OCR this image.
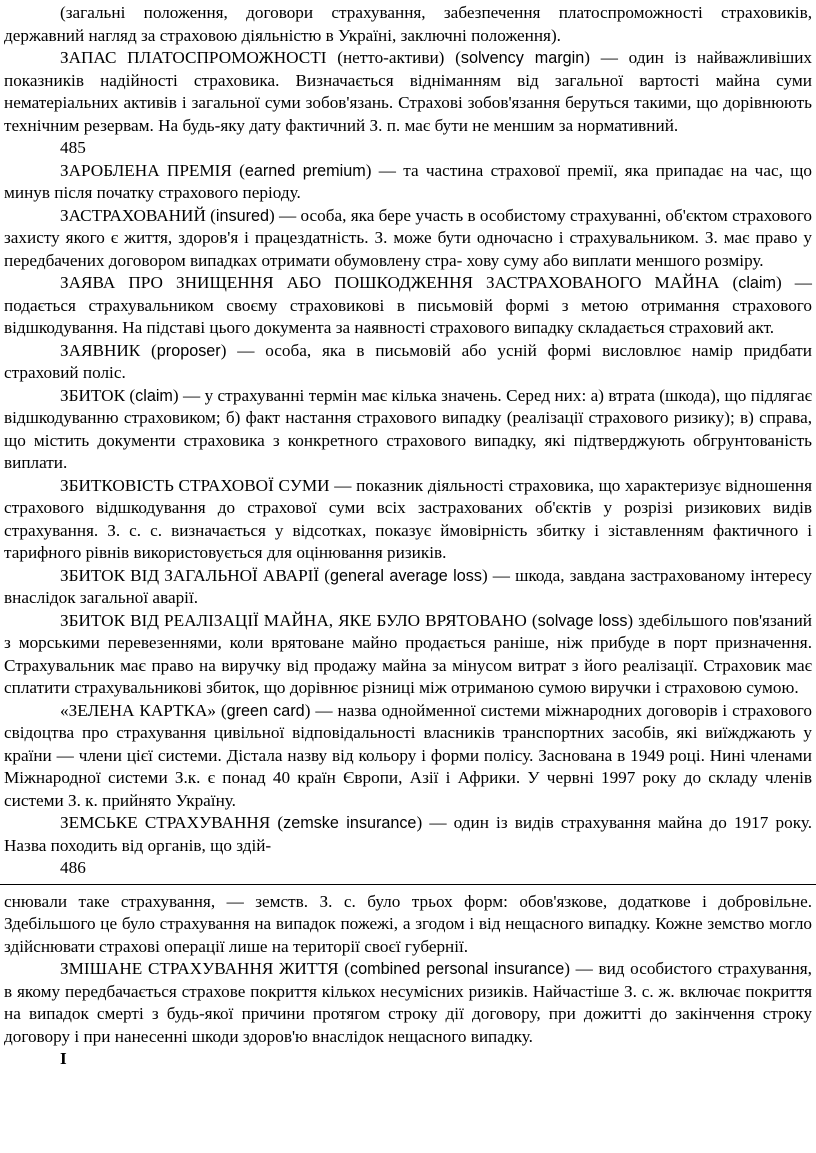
(загальні положення, договори страхування, забезпечення платоспроможності страховиків, державний нагляд за страховою діяльністю в Україні, заключні положення).

ЗАПАС ПЛАТОСПРОМОЖНОСТІ (нетто-активи) (solvency margin) — один із найважливіших показників надійності страховика. Визначається відніманням від загальної вартості майна суми нематеріальних активів і загальної суми зобов'язань. Страхові зобов'язання беруться такими, що дорівнюють технічним резервам. На будь-яку дату фактичний З. п. має бути не меншим за нормативний.

485

ЗАРОБЛЕНА ПРЕМІЯ (earned premium) — та частина страхової премії, яка припадає на час, що минув після початку страхового періоду.

ЗАСТРАХОВАНИЙ (insured) — особа, яка бере участь в особистому страхуванні, об'єктом страхового захисту якого є життя, здоров'я і працездатність. З. може бути одночасно і страхувальником. З. має право у передбачених договором випадках отримати обумовлену стра- хову суму або виплати меншого розміру.

ЗАЯВА ПРО ЗНИЩЕННЯ АБО ПОШКОДЖЕННЯ ЗАСТРАХОВАНОГО МАЙНА (claim) — подається страхувальником своєму страховикові в письмовій формі з метою отримання страхового відшкодування. На підставі цього документа за наявності страхового випадку складається страховий акт.

ЗАЯВНИК (proposer) — особа, яка в письмовій або усній формі висловлює намір придбати страховий поліс.

ЗБИТОК (claim) — у страхуванні термін має кілька значень. Серед них: а) втрата (шкода), що підлягає відшкодуванню страховиком; б) факт настання страхового випадку (реалізації страхового ризику); в) справа, що містить документи страховика з конкретного страхового випадку, які підтверджують обгрунтованість виплати.

ЗБИТКОВІСТЬ СТРАХОВОЇ СУМИ — показник діяльності страховика, що характеризує відношення страхового відшкодування до страхової суми всіх застрахованих об'єктів у розрізі ризикових видів страхування. З. с. с. визначається у відсотках, показує ймовірність збитку і зіставленням фактичного і тарифного рівнів використовується для оцінювання ризиків.

ЗБИТОК ВІД ЗАГАЛЬНОЇ АВАРІЇ (general average loss) — шкода, завдана застрахованому інтересу внаслідок загальної аварії.

ЗБИТОК ВІД РЕАЛІЗАЦІЇ МАЙНА, ЯКЕ БУЛО ВРЯТОВАНО (solvage loss) здебільшого пов'язаний з морськими перевезеннями, коли врятоване майно продається раніше, ніж прибуде в порт призначення. Страхувальник має право на виручку від продажу майна за мінусом витрат з його реалізації. Страховик має сплатити страхувальникові збиток, що дорівнює різниці між отриманою сумою виручки і страховою сумою.

«ЗЕЛЕНА КАРТКА» (green card) — назва однойменної системи міжнародних договорів і страхового свідоцтва про страхування цивільної відповідальності власників транспортних засобів, які виїжджають у країни — члени цієї системи. Дістала назву від кольору і форми полісу. Заснована в 1949 році. Нині членами Міжнародної системи З.к. є понад 40 країн Європи, Азії і Африки. У червні 1997 року до складу членів системи З. к. прийнято Україну.

ЗЕМСЬКЕ СТРАХУВАННЯ (zemske insurance) — один із видів страхування майна до 1917 року. Назва походить від органів, що здій-

486

снювали таке страхування, — земств. З. с. було трьох форм: обов'язкове, додаткове і добровільне. Здебільшого це було страхування на випадок пожежі, а згодом і від нещасного випадку. Кожне земство могло здійснювати страхові операції лише на території своєї губернії.

ЗМІШАНЕ СТРАХУВАННЯ ЖИТТЯ (combined personal insurance) — вид особистого страхування, в якому передбачається страхове покриття кількох несумісних ризиків. Найчастіше З. с. ж. включає покриття на випадок смерті з будь-якої причини протягом строку дії договору, при дожитті до закінчення строку договору і при нанесенні шкоди здоров'ю внаслідок нещасного випадку.

І
